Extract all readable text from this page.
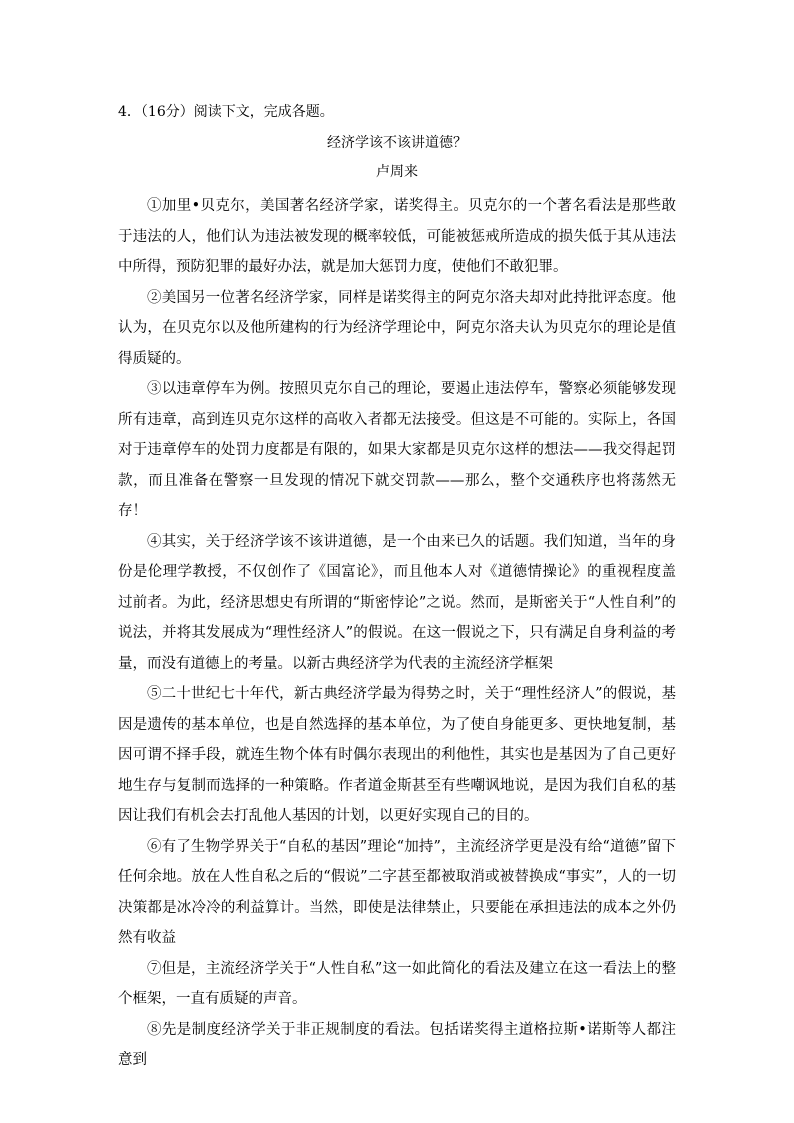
4．（16分）阅读下文，完成各题。
经济学该不该讲道德？
卢周来

①加里•贝克尔，美国著名经济学家，诺奖得主。贝克尔的一个著名看法是那些敢于违法的人，他们认为违法被发现的概率较低，可能被惩戒所造成的损失低于其从违法中所得，预防犯罪的最好办法，就是加大惩罚力度，使他们不敢犯罪。

②美国另一位著名经济学家，同样是诺奖得主的阿克尔洛夫却对此持批评态度。他认为，在贝克尔以及他所建构的行为经济学理论中，阿克尔洛夫认为贝克尔的理论是值得质疑的。

③以违章停车为例。按照贝克尔自己的理论，要遏止违法停车，警察必须能够发现所有违章，高到连贝克尔这样的高收入者都无法接受。但这是不可能的。实际上，各国对于违章停车的处罚力度都是有限的，如果大家都是贝克尔这样的想法——我交得起罚款，而且准备在警察一旦发现的情况下就交罚款——那么，整个交通秩序也将荡然无存！

④其实，关于经济学该不该讲道德，是一个由来已久的话题。我们知道，当年的身份是伦理学教授，不仅创作了《国富论》，而且他本人对《道德情操论》的重视程度盖过前者。为此，经济思想史有所谓的“斯密悖论”之说。然而，是斯密关于“人性自利”的说法，并将其发展成为“理性经济人”的假说。在这一假说之下，只有满足自身利益的考量，而没有道德上的考量。以新古典经济学为代表的主流经济学框架

⑤二十世纪七十年代，新古典经济学最为得势之时，关于“理性经济人”的假说，基因是遗传的基本单位，也是自然选择的基本单位，为了使自身能更多、更快地复制，基因可谓不择手段，就连生物个体有时偶尔表现出的利他性，其实也是基因为了自己更好地生存与复制而选择的一种策略。作者道金斯甚至有些嘲讽地说，是因为我们自私的基因让我们有机会去打乱他人基因的计划，以更好实现自己的目的。

⑥有了生物学界关于“自私的基因”理论“加持”，主流经济学更是没有给“道德”留下任何余地。放在人性自私之后的“假说”二字甚至都被取消或被替换成“事实”，人的一切决策都是冰冷冷的利益算计。当然，即使是法律禁止，只要能在承担违法的成本之外仍然有收益

⑦但是，主流经济学关于“人性自私”这一如此简化的看法及建立在这一看法上的整个框架，一直有质疑的声音。

⑧先是制度经济学关于非正规制度的看法。包括诺奖得主道格拉斯•诺斯等人都注意到
